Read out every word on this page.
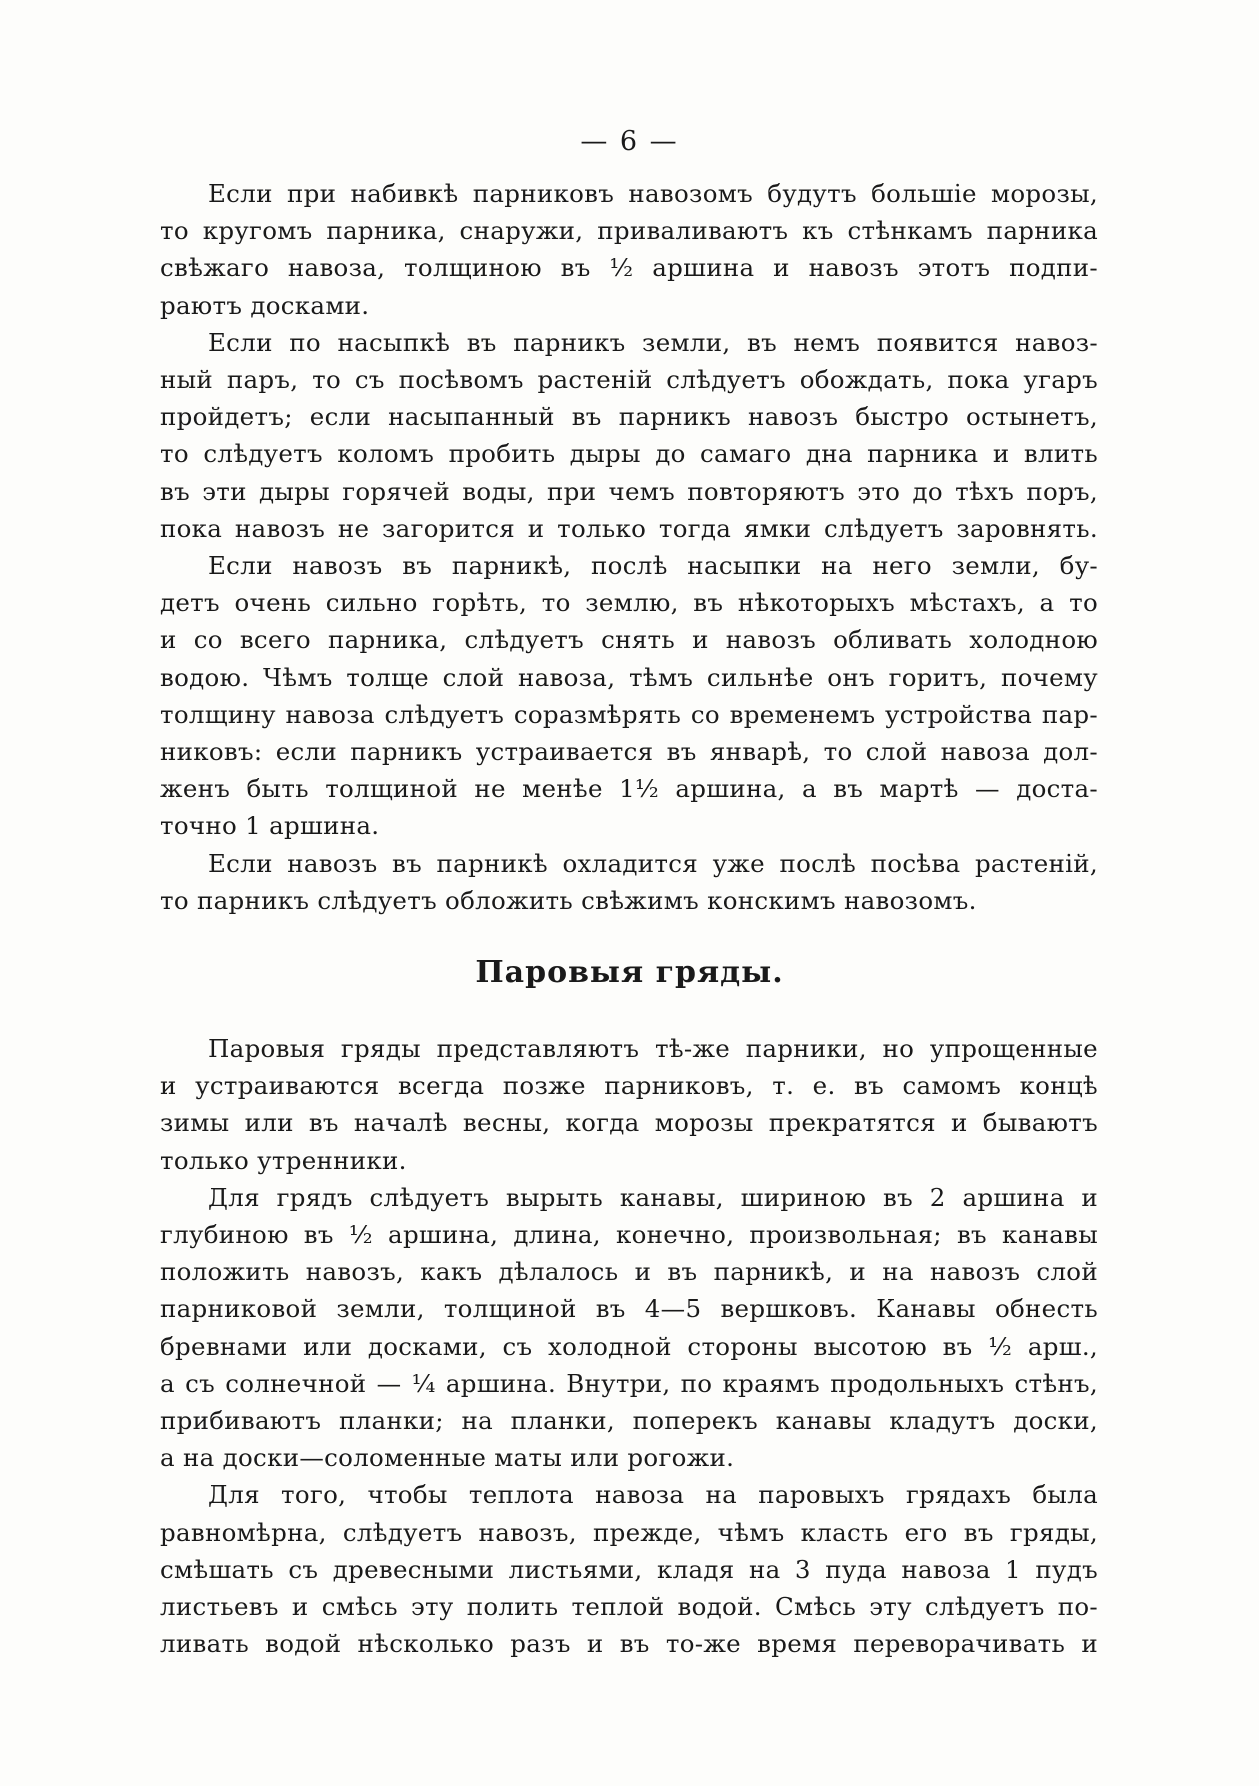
— 6 —
Если при набивкѣ парниковъ навозомъ будутъ большіе морозы,
то кругомъ парника, снаружи, приваливаютъ къ стѣнкамъ парника
свѣжаго навоза, толщиною въ ½ аршина и навозъ этотъ подпи-
раютъ досками.
Если по насыпкѣ въ парникъ земли, въ немъ появится навоз-
ный паръ, то съ посѣвомъ растеній слѣдуетъ обождать, пока угаръ
пройдетъ; если насыпанный въ парникъ навозъ быстро остынетъ,
то слѣдуетъ коломъ пробить дыры до самаго дна парника и влить
въ эти дыры горячей воды, при чемъ повторяютъ это до тѣхъ поръ,
пока навозъ не загорится и только тогда ямки слѣдуетъ заровнять.
Если навозъ въ парникѣ, послѣ насыпки на него земли, бу-
детъ очень сильно горѣть, то землю, въ нѣкоторыхъ мѣстахъ, а то
и со всего парника, слѣдуетъ снять и навозъ обливать холодною
водою. Чѣмъ толще слой навоза, тѣмъ сильнѣе онъ горитъ, почему
толщину навоза слѣдуетъ соразмѣрять со временемъ устройства пар-
никовъ: если парникъ устраивается въ январѣ, то слой навоза дол-
женъ быть толщиной не менѣе 1½ аршина, а въ мартѣ — доста-
точно 1 аршина.
Если навозъ въ парникѣ охладится уже послѣ посѣва растеній,
то парникъ слѣдуетъ обложить свѣжимъ конскимъ навозомъ.
Паровыя гряды.
Паровыя гряды представляютъ тѣ-же парники, но упрощенные
и устраиваются всегда позже парниковъ, т. е. въ самомъ концѣ
зимы или въ началѣ весны, когда морозы прекратятся и бываютъ
только утренники.
Для грядъ слѣдуетъ вырыть канавы, шириною въ 2 аршина и
глубиною въ ½ аршина, длина, конечно, произвольная; въ канавы
положить навозъ, какъ дѣлалось и въ парникѣ, и на навозъ слой
парниковой земли, толщиной въ 4—5 вершковъ. Канавы обнесть
бревнами или досками, съ холодной стороны высотою въ ½ арш.,
а съ солнечной — ¼ аршина. Внутри, по краямъ продольныхъ стѣнъ,
прибиваютъ планки; на планки, поперекъ канавы кладутъ доски,
а на доски—соломенные маты или рогожи.
Для того, чтобы теплота навоза на паровыхъ грядахъ была
равномѣрна, слѣдуетъ навозъ, прежде, чѣмъ класть его въ гряды,
смѣшать съ древесными листьями, кладя на 3 пуда навоза 1 пудъ
листьевъ и смѣсь эту полить теплой водой. Смѣсь эту слѣдуетъ по-
ливать водой нѣсколько разъ и въ то-же время переворачивать и
